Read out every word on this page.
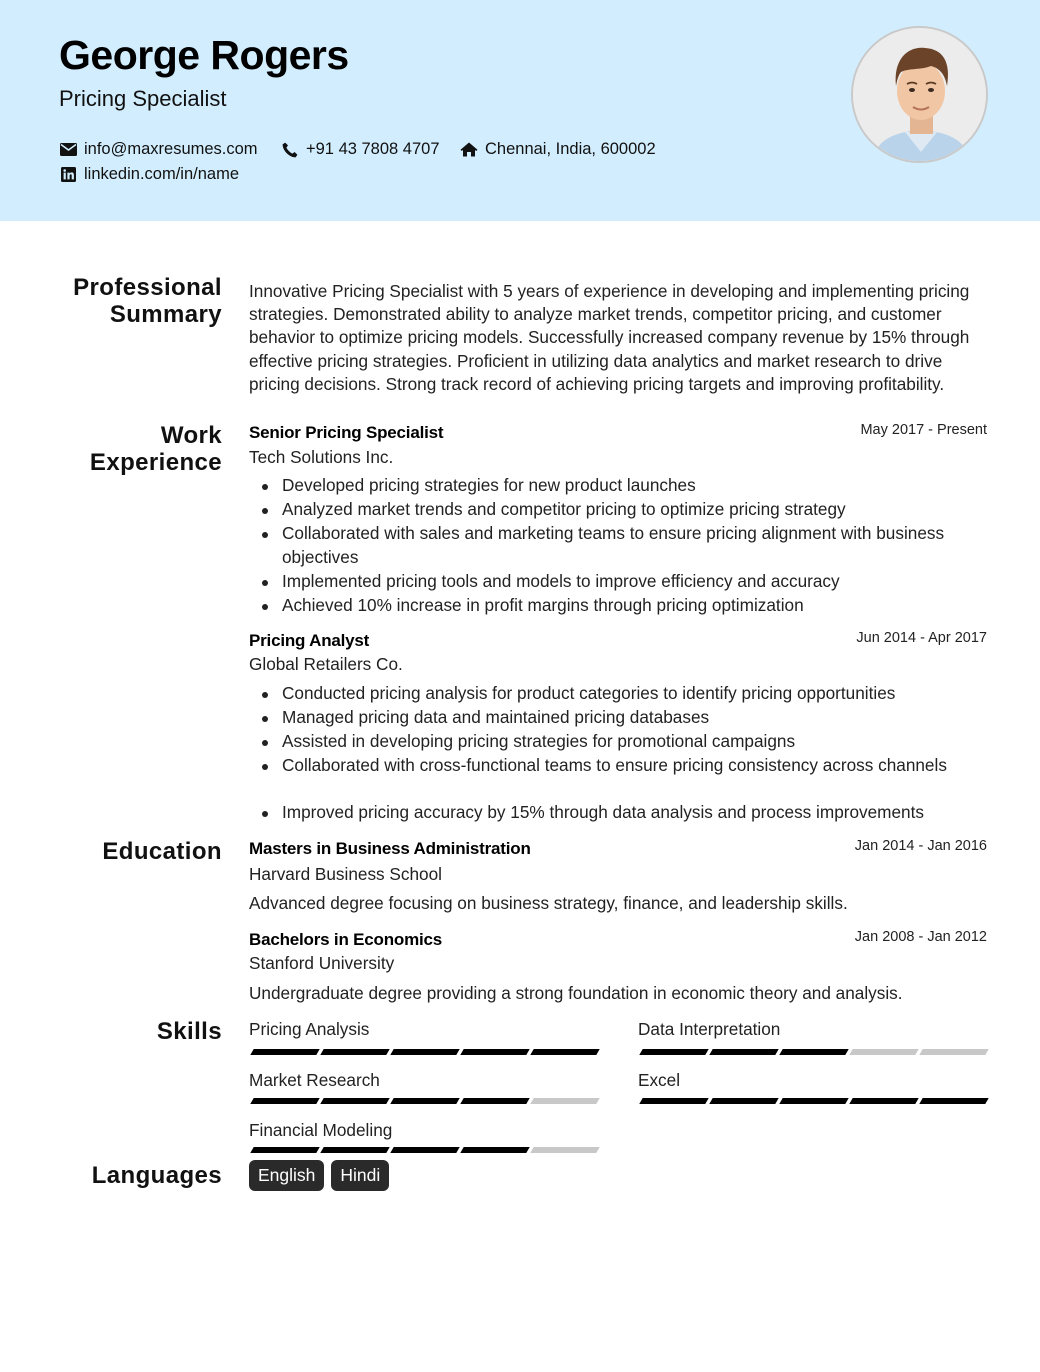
George Rogers
Pricing Specialist
info@maxresumes.com	+91 43 7808 4707	Chennai, India, 600002
linkedin.com/in/name
Professional
Summary
Innovative Pricing Specialist with 5 years of experience in developing and implementing pricing strategies. Demonstrated ability to analyze market trends, competitor pricing, and customer behavior to optimize pricing models. Successfully increased company revenue by 15% through effective pricing strategies. Proficient in utilizing data analytics and market research to drive pricing decisions. Strong track record of achieving pricing targets and improving profitability.
Work
Experience
Senior Pricing Specialist	May 2017 - Present
Tech Solutions Inc.
Developed pricing strategies for new product launches
Analyzed market trends and competitor pricing to optimize pricing strategy
Collaborated with sales and marketing teams to ensure pricing alignment with business objectives
Implemented pricing tools and models to improve efficiency and accuracy
Achieved 10% increase in profit margins through pricing optimization
Pricing Analyst	Jun 2014 - Apr 2017
Global Retailers Co.
Conducted pricing analysis for product categories to identify pricing opportunities
Managed pricing data and maintained pricing databases
Assisted in developing pricing strategies for promotional campaigns
Collaborated with cross-functional teams to ensure pricing consistency across channels
Improved pricing accuracy by 15% through data analysis and process improvements
Education Masters in Business Administration	Jan 2014 - Jan 2016
Harvard Business School
Advanced degree focusing on business strategy, finance, and leadership skills.
Bachelors in Economics	Jan 2008 - Jan 2012
Stanford University
Undergraduate degree providing a strong foundation in economic theory and analysis.
Skills Pricing Analysis	Data Interpretation
Market Research	Excel
Financial Modeling
Languages	English	Hindi
